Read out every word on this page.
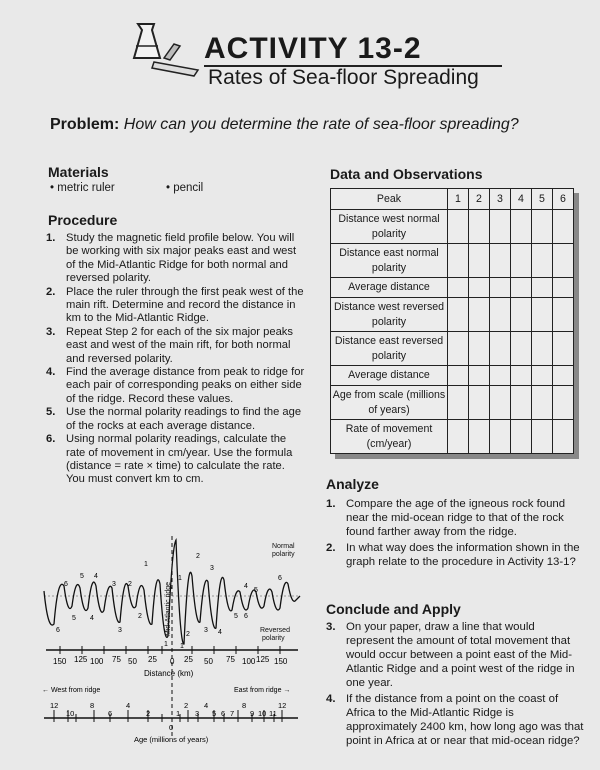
ACTIVITY 13-2
Rates of Sea-floor Spreading
Problem: How can you determine the rate of sea-floor spreading?
Materials
• metric ruler	• pencil
Procedure
1. Study the magnetic field profile below. You will be working with six major peaks east and west of the Mid-Atlantic Ridge for both normal and reversed polarity.
2. Place the ruler through the first peak west of the main rift. Determine and record the distance in km to the Mid-Atlantic Ridge.
3. Repeat Step 2 for each of the six major peaks east and west of the main rift, for both normal and reversed polarity.
4. Find the average distance from peak to ridge for each pair of corresponding peaks on either side of the ridge. Record these values.
5. Use the normal polarity readings to find the age of the rocks at each average distance.
6. Using normal polarity readings, calculate the rate of movement in cm/year. Use the formula (distance = rate × time) to calculate the rate. You must convert km to cm.
Data and Observations
Peak	1	2	3	4	5	6
Distance west normal polarity						
Distance east normal polarity						
Average distance						
Distance west reversed polarity						
Distance east reversed polarity						
Average distance						
Age from scale (millions of years)						
Rate of movement (cm/year)						
Analyze
1. Compare the age of the igneous rock found near the mid-ocean ridge to that of the rock found farther away from the ridge.
2. In what way does the information shown in the graph relate to the procedure in Activity 13-1?
Conclude and Apply
3. On your paper, draw a line that would represent the amount of total movement that would occur between a point east of the Mid-Atlantic Ridge and a point west of the ridge in one year.
4. If the distance from a point on the coast of Africa to the Mid-Atlantic Ridge is approximately 2400 km, how long ago was that point in Africa at or near that mid-ocean ridge?
Mid-Atlantic ridge
Normal
polarity
Reversed
polarity
6
5 4
3 2
1
1
2
3
4
5
6
6
5 4
3
2
1 1
2
3 4
5 6
150 125 100 75 50 25 0 25 50 75 100 125 150
Distance (km)
← West from ridge	East from ridge →
12
10
8
6
4
2
0
1
2
3
4
5 6 7
8
9 10 11
12
Age (millions of years)
